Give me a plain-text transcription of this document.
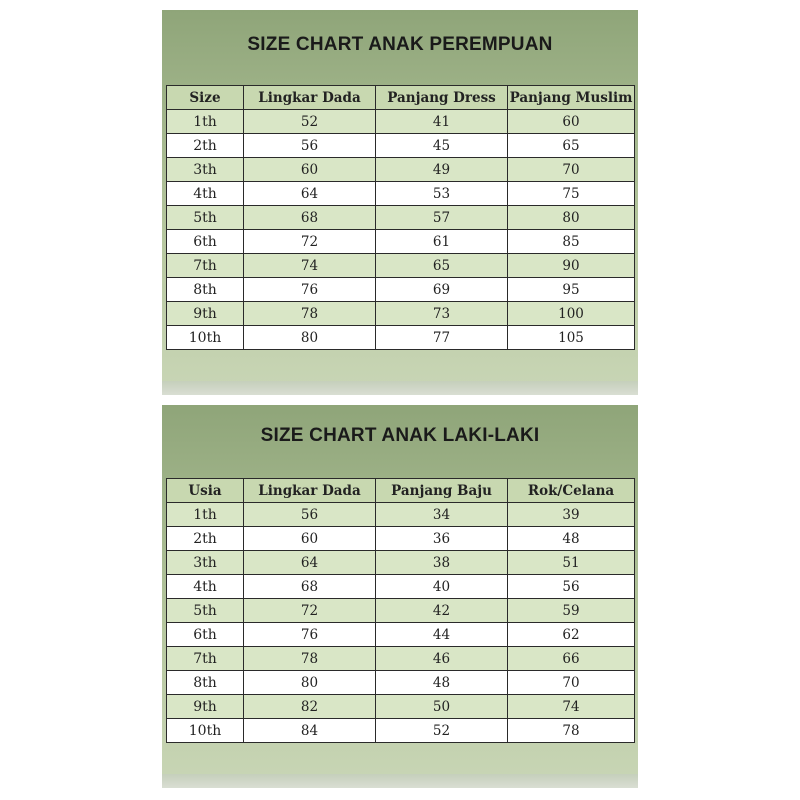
SIZE CHART ANAK PEREMPUAN
Size	Lingkar Dada	Panjang Dress	Panjang Muslim
1th	52	41	60
2th	56	45	65
3th	60	49	70
4th	64	53	75
5th	68	57	80
6th	72	61	85
7th	74	65	90
8th	76	69	95
9th	78	73	100
10th	80	77	105
SIZE CHART ANAK LAKI-LAKI
Usia	Lingkar Dada	Panjang Baju	Rok/Celana
1th	56	34	39
2th	60	36	48
3th	64	38	51
4th	68	40	56
5th	72	42	59
6th	76	44	62
7th	78	46	66
8th	80	48	70
9th	82	50	74
10th	84	52	78
